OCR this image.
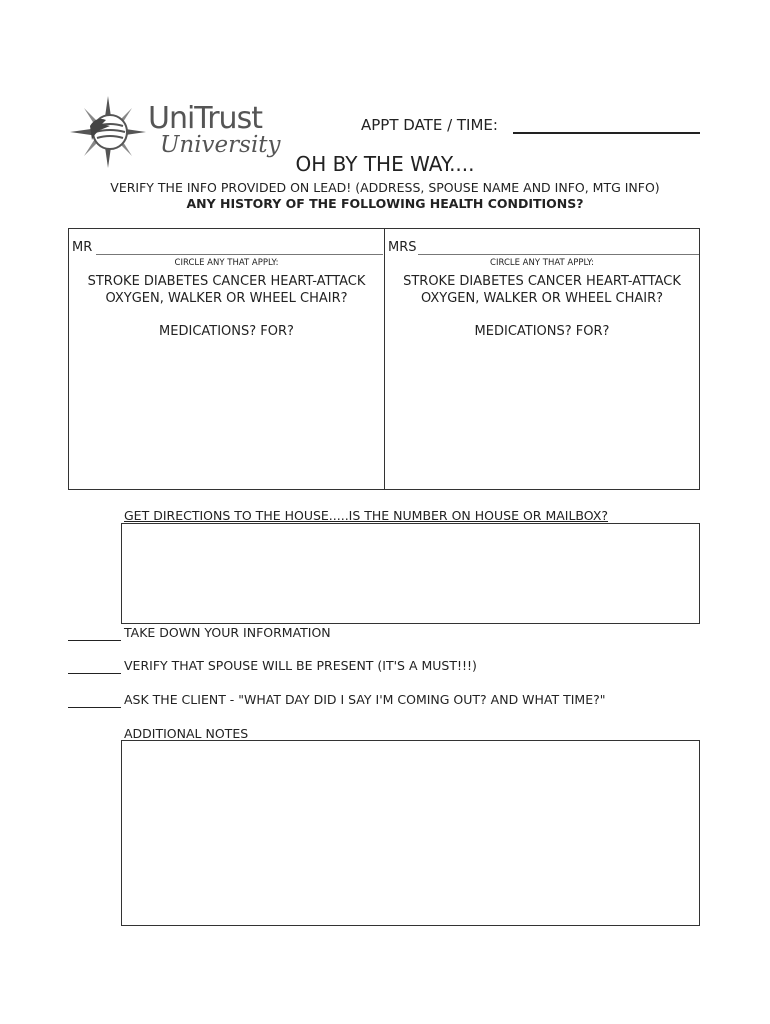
UniTrust
University
APPT DATE / TIME:
OH BY THE WAY....
VERIFY THE INFO PROVIDED ON LEAD! (ADDRESS, SPOUSE NAME AND INFO, MTG INFO)
ANY HISTORY OF THE FOLLOWING HEALTH CONDITIONS?
MR
CIRCLE ANY THAT APPLY:
STROKE DIABETES CANCER HEART-ATTACK
OXYGEN, WALKER OR WHEEL CHAIR?
MEDICATIONS? FOR?
MRS
CIRCLE ANY THAT APPLY:
STROKE DIABETES CANCER HEART-ATTACK
OXYGEN, WALKER OR WHEEL CHAIR?
MEDICATIONS? FOR?
GET DIRECTIONS TO THE HOUSE.....IS THE NUMBER ON HOUSE OR MAILBOX?
TAKE DOWN YOUR INFORMATION
VERIFY THAT SPOUSE WILL BE PRESENT (IT'S A MUST!!!)
ASK THE CLIENT - "WHAT DAY DID I SAY I'M COMING OUT? AND WHAT TIME?"
ADDITIONAL NOTES
